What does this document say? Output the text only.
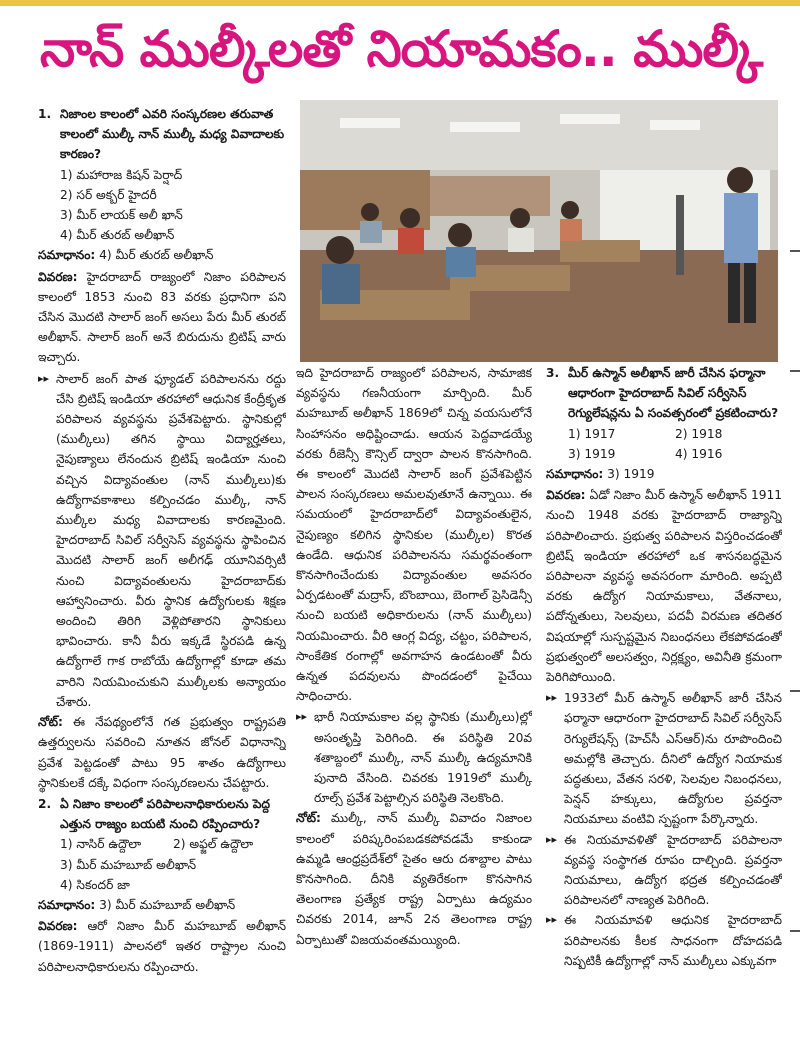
నాన్ ముల్కీలతో నియామకం.. ముల్కీ
1. నిజాంల కాలంలో ఎవరి సంస్కరణల తరువాత కాలంలో ముల్కీ నాన్ ముల్కీ మధ్య వివాదాలకు కారణం?
1) మహారాజ కిషన్ పెర్షాద్
2) సర్ అక్బర్ హైదరీ
3) మీర్ లాయక్ అలీ ఖాన్
4) మీర్ తురబ్ అలీఖాన్
సమాధానం: 4) మీర్ తురబ్ అలీఖాన్
వివరణ: హైదరాబాద్ రాజ్యంలో నిజాం పరిపాలన కాలంలో 1853 నుంచి 83 వరకు ప్రధానిగా పని చేసిన మొదటి సాలార్ జంగ్ అసలు పేరు మీర్ తురబ్ అలీఖాన్. సాలార్ జంగ్ అనే బిరుదును బ్రిటిష్ వారు ఇచ్చారు.
▸▸ సాలార్ జంగ్ పాత ఫ్యూడల్ పరిపాలనను రద్దు చేసి బ్రిటిష్ ఇండియా తరహాలో ఆధునిక కేంద్రీకృత పరిపాలన వ్యవస్థను ప్రవేశపెట్టారు. స్థానికుల్లో (ముల్కీలు) తగిన స్థాయి విద్యార్హతలు, నైపుణ్యాలు లేనందున బ్రిటిష్ ఇండియా నుంచి వచ్చిన విద్యావంతుల (నాన్ ముల్కీలు)కు ఉద్యోగావకాశాలు కల్పించడం ముల్కీ, నాన్ ముల్కీల మధ్య వివాదాలకు కారణమైంది. హైదరాబాద్ సివిల్ సర్వీసెస్ వ్యవస్థను స్థాపించిన మొదటి సాలార్ జంగ్ అలీగఢ్ యూనివర్సిటీ నుంచి విద్యావంతులను హైదరాబాద్‌కు ఆహ్వానించారు. వీరు స్థానిక ఉద్యోగులకు శిక్షణ అందించి తిరిగి వెళ్లిపోతారని స్థానికులు భావించారు. కానీ వీరు ఇక్కడే స్థిరపడి ఉన్న ఉద్యోగాలే గాక రాబోయే ఉద్యోగాల్లో కూడా తమ వారిని నియమించుకుని ముల్కీలకు అన్యాయం చేశారు.
నోట్: ఈ నేపథ్యంలోనే గత ప్రభుత్వం రాష్ట్రపతి ఉత్తర్వులను సవరించి నూతన జోనల్ విధానాన్ని ప్రవేశ పెట్టడంతో పాటు 95 శాతం ఉద్యోగాలు స్థానికులకే దక్కే విధంగా సంస్కరణలను చేపట్టారు.
2. ఏ నిజాం కాలంలో పరిపాలనాధికారులను పెద్ద ఎత్తున రాజ్యం బయటి నుంచి రప్పించారు?
1) నాసిర్ ఉద్దౌలా	2) అఫ్జల్ ఉద్దౌలా
3) మీర్ మహబూబ్ అలీఖాన్
4) సికందర్ జా
సమాధానం: 3) మీర్ మహబూబ్ అలీఖాన్
వివరణ: ఆరో నిజాం మీర్ మహబూబ్ అలీఖాన్ (1869-1911) పాలనలో ఇతర రాష్ట్రాల నుంచి పరిపాలనాధికారులను రప్పించారు.
ఇది హైదరాబాద్ రాజ్యంలో పరిపాలన, సామాజిక వ్యవస్థను గణనీయంగా మార్చింది. మీర్ మహబూబ్ అలీఖాన్ 1869లో చిన్న వయసులోనే సింహాసనం అధిష్టించాడు. ఆయన పెద్దవాడయ్యే వరకు రీజెన్సీ కౌన్సిల్ ద్వారా పాలన కొనసాగింది. ఈ కాలంలో మొదటి సాలార్ జంగ్ ప్రవేశపెట్టిన పాలన సంస్కరణలు అమలవుతూనే ఉన్నాయి. ఈ సమయంలో హైదరాబాద్‌లో విద్యావంతులైన, నైపుణ్యం కలిగిన స్థానికుల (ముల్కీల) కొరత ఉండేది. ఆధునిక పరిపాలనను సమర్థవంతంగా కొనసాగించేందుకు విద్యావంతుల అవసరం ఏర్పడటంతో మద్రాస్, బొంబాయి, బెంగాల్ ప్రెసిడెన్సీ నుంచి బయటి అధికారులను (నాన్ ముల్కీలు) నియమించారు. వీరి ఆంగ్ల విద్య, చట్టం, పరిపాలన, సాంకేతిక రంగాల్లో అవగాహన ఉండటంతో వీరు ఉన్నత పదవులను పొందడంలో పైచేయి సాధించారు.
▸▸ భారీ నియామకాల వల్ల స్థానికు (ముల్కీలు)ల్లో అసంతృప్తి పెరిగింది. ఈ పరిస్థితి 20వ శతాబ్దంలో ముల్కీ, నాన్ ముల్కీ ఉద్యమానికి పునాది వేసింది. చివరకు 1919లో ముల్కీ రూల్స్ ప్రవేశ పెట్టాల్సిన పరిస్థితి నెలకొంది.
నోట్: ముల్కీ, నాన్ ముల్కీ వివాదం నిజాంల కాలంలో పరిష్కరింపబడకపోవడమే కాకుండా ఉమ్మడి ఆంధ్రప్రదేశ్‌లో సైతం ఆరు దశాబ్దాల పాటు కొనసాగింది. దీనికి వ్యతిరేకంగా కొనసాగిన తెలంగాణ ప్రత్యేక రాష్ట్ర ఏర్పాటు ఉద్యమం చివరకు 2014, జూన్ 2న తెలంగాణ రాష్ట్ర ఏర్పాటుతో విజయవంతమయ్యింది.
3. మీర్ ఉస్మాన్ అలీఖాన్ జారీ చేసిన ఫర్మానా ఆధారంగా హైదరాబాద్ సివిల్ సర్వీసెస్ రెగ్యులేషన్లను ఏ సంవత్సరంలో ప్రకటించారు?
1) 1917	2) 1918
3) 1919	4) 1916
సమాధానం: 3) 1919
వివరణ: ఏడో నిజాం మీర్ ఉస్మాన్ అలీఖాన్ 1911 నుంచి 1948 వరకు హైదరాబాద్ రాజ్యాన్ని పరిపాలించారు. ప్రభుత్వ పరిపాలన విస్తరించడంతో బ్రిటిష్ ఇండియా తరహాలో ఒక శాసనబద్ధమైన పరిపాలనా వ్యవస్థ అవసరంగా మారింది. అప్పటి వరకు ఉద్యోగ నియామకాలు, వేతనాలు, పదోన్నతులు, సెలవులు, పదవీ విరమణ తదితర విషయాల్లో సుస్పష్టమైన నిబంధనలు లేకపోవడంతో ప్రభుత్వంలో అలసత్వం, నిర్లక్ష్యం, అవినీతి క్రమంగా పెరిగిపోయింది.
▸▸ 1933లో మీర్ ఉస్మాన్ అలీఖాన్ జారీ చేసిన ఫర్మానా ఆధారంగా హైదరాబాద్ సివిల్ సర్వీసెస్ రెగ్యులేషన్స్ (హెచ్‌సీ ఎస్ఆర్)ను రూపొందించి అమల్లోకి తెచ్చారు. దీనిలో ఉద్యోగ నియామక పద్ధతులు, వేతన సరళి, సెలవుల నిబంధనలు, పెన్షన్ హక్కులు, ఉద్యోగుల ప్రవర్తనా నియమాలు వంటివి స్పష్టంగా పేర్కొన్నారు.
▸▸ ఈ నియమావళితో హైదరాబాద్ పరిపాలనా వ్యవస్థ సంస్థాగత రూపం దాల్చింది. ప్రవర్తనా నియమాలు, ఉద్యోగ భద్రత కల్పించడంతో పరిపాలనలో నాణ్యత పెరిగింది.
▸▸ ఈ నియమావళి ఆధునిక హైదరాబాద్ పరిపాలనకు కీలక సాధనంగా దోహదపడి నిష్పటికీ ఉద్యోగాల్లో నాన్ ముల్కీలు ఎక్కువగా
